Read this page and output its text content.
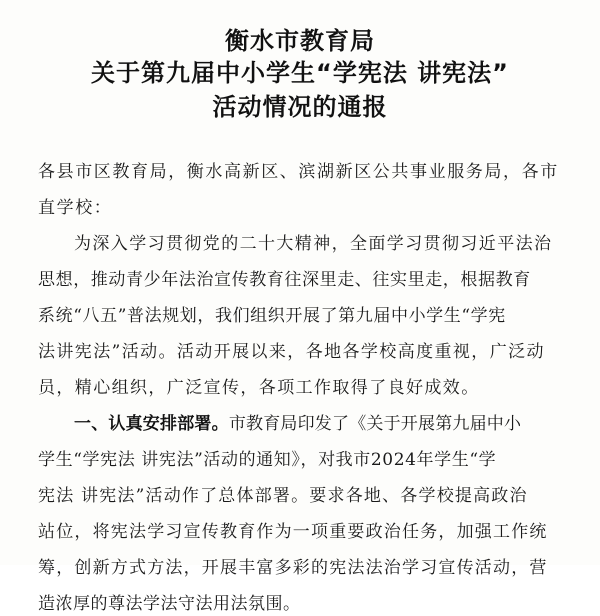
衡水市教育局
关于第九届中小学生“学宪法 讲宪法”
活动情况的通报
各县市区教育局，衡水高新区、滨湖新区公共事业服务局，各市
直学校：
为深入学习贯彻党的二十大精神，全面学习贯彻习近平法治
思想，推动青少年法治宣传教育往深里走、往实里走，根据教育
系统“八五”普法规划，我们组织开展了第九届中小学生“学宪
法讲宪法”活动。活动开展以来，各地各学校高度重视，广泛动
员，精心组织，广泛宣传，各项工作取得了良好成效。
一、认真安排部署。市教育局印发了《关于开展第九届中小
学生“学宪法 讲宪法”活动的通知》，对我市2024年学生“学
宪法 讲宪法”活动作了总体部署。要求各地、各学校提高政治
站位，将宪法学习宣传教育作为一项重要政治任务，加强工作统
筹，创新方式方法，开展丰富多彩的宪法法治学习宣传活动，营
造浓厚的尊法学法守法用法氛围。
